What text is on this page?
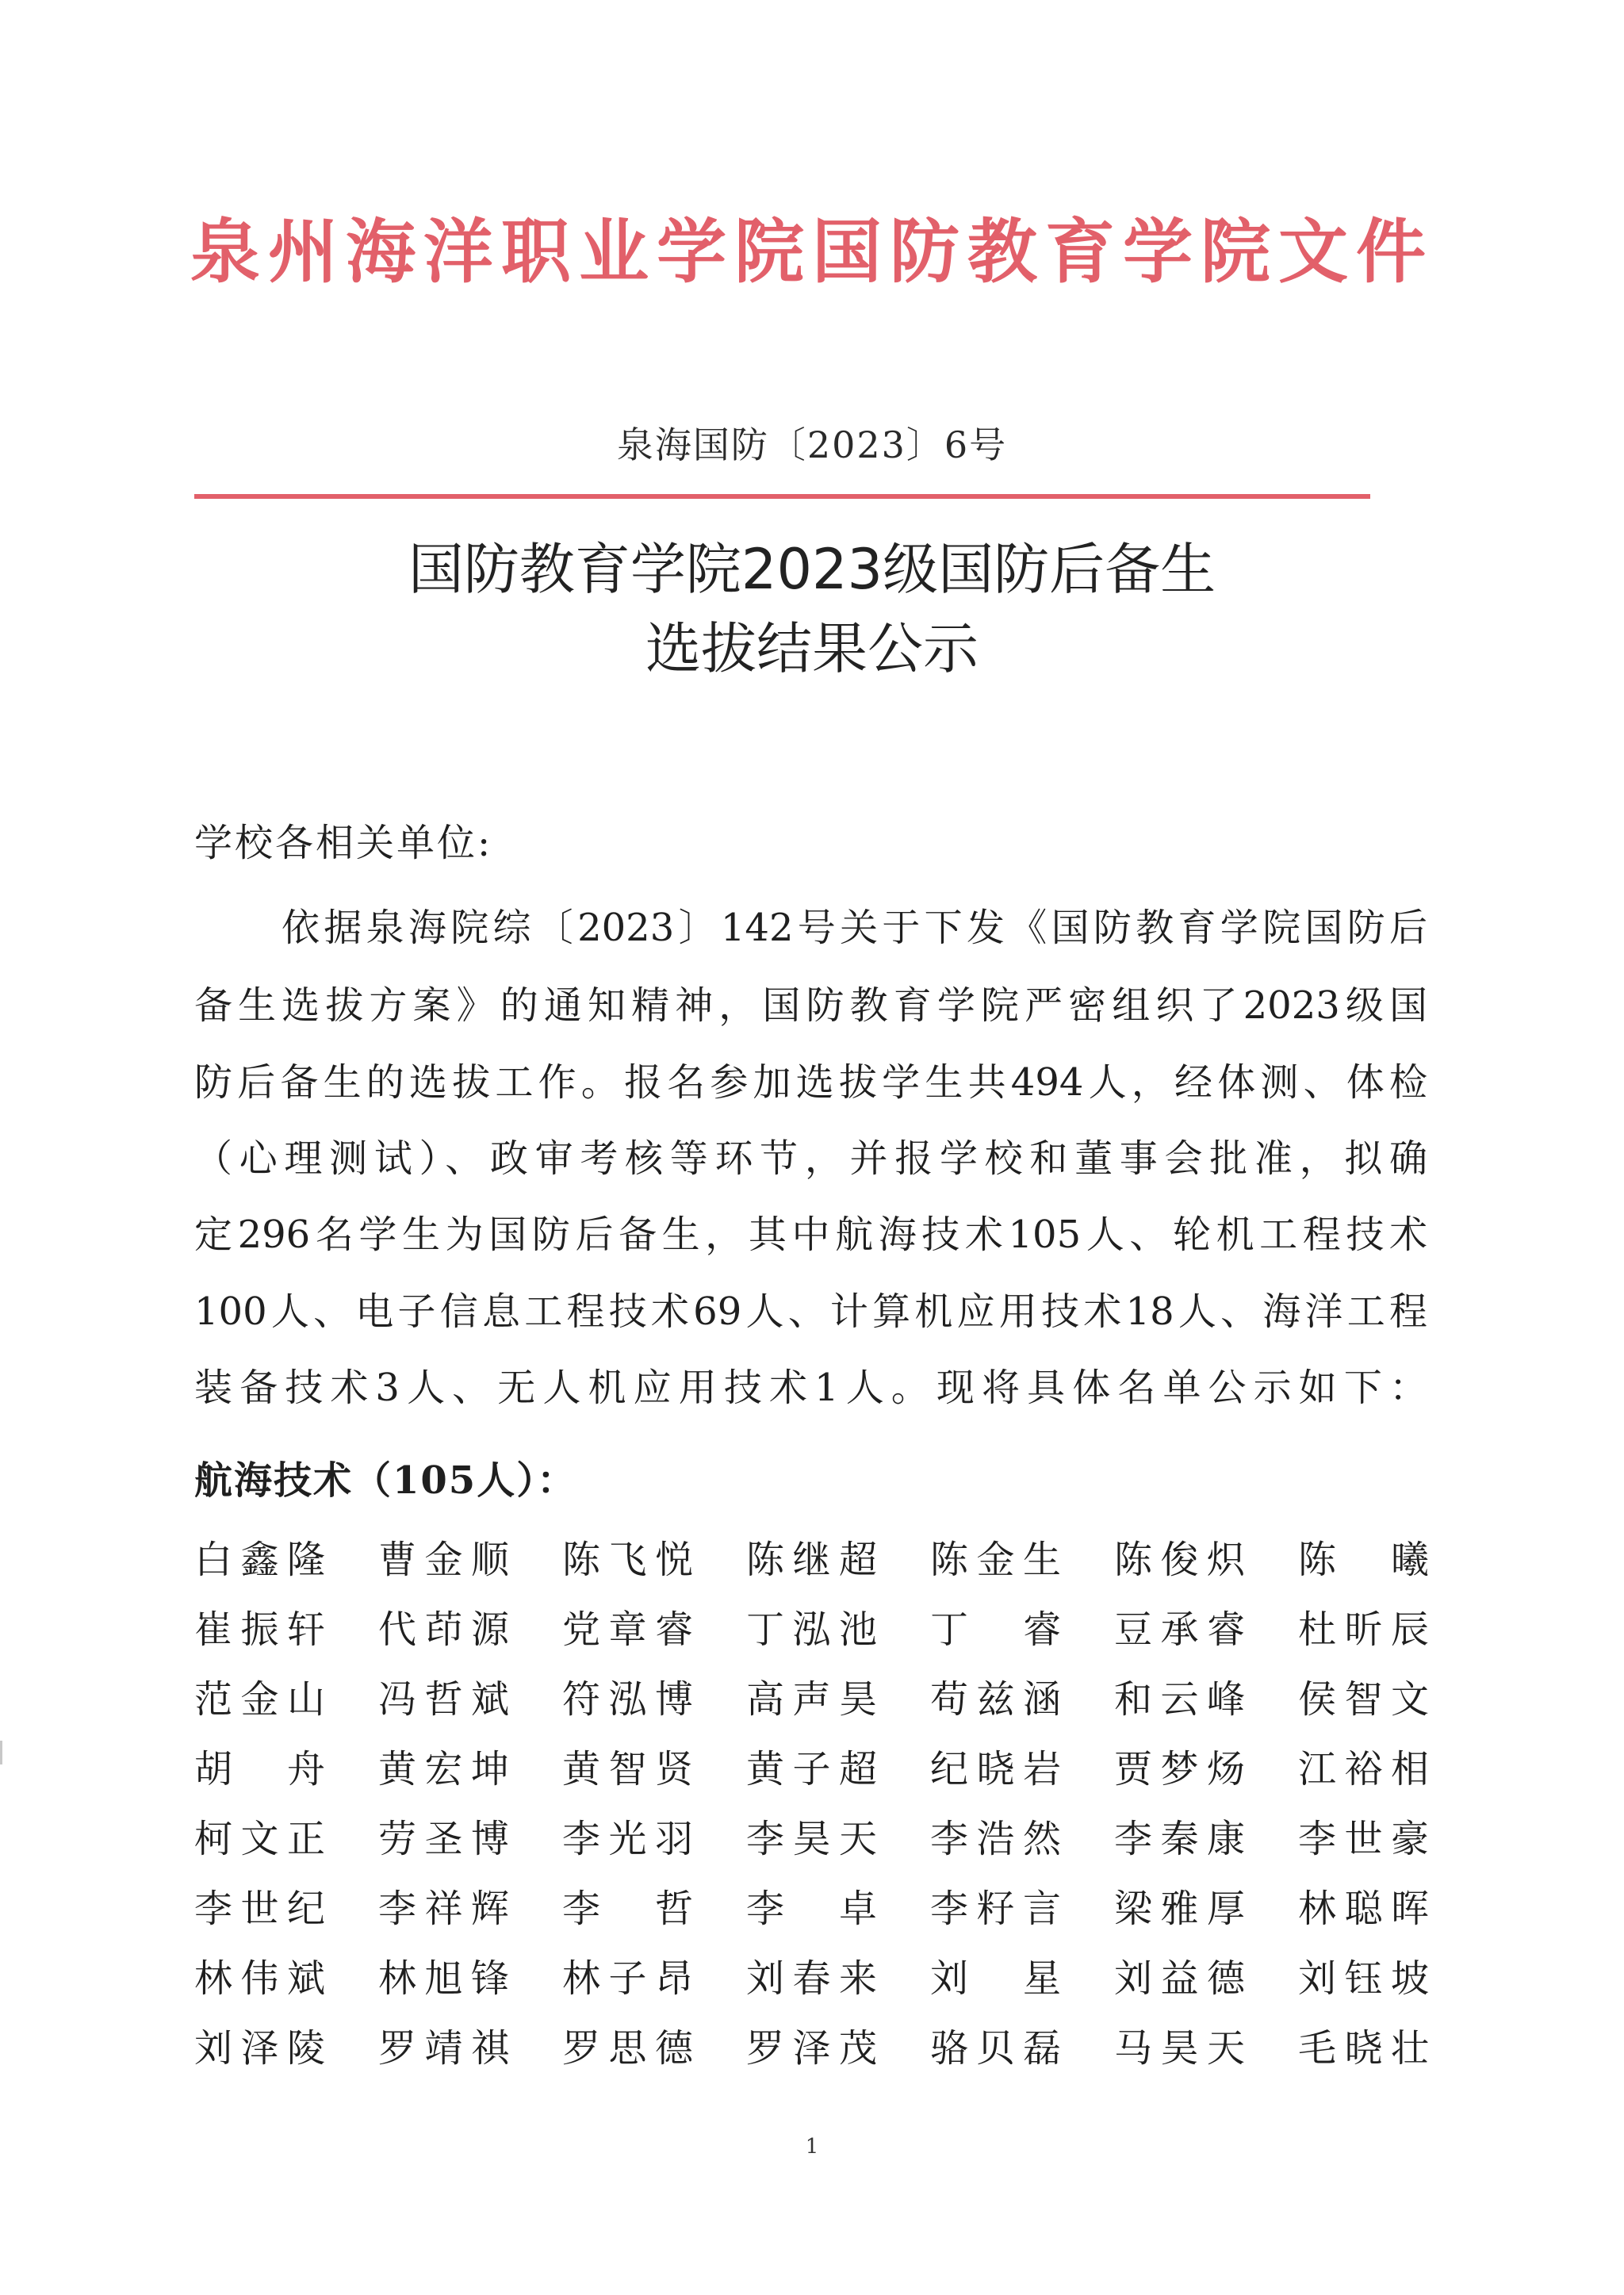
泉州海洋职业学院国防教育学院文件
泉海国防〔2023〕6号
国防教育学院2023级国防后备生
选拔结果公示
学校各相关单位:
依据泉海院综〔2023〕142号关于下发《国防教育学院国防后
备生选拔方案》的通知精神，国防教育学院严密组织了2023级国
防后备生的选拔工作。报名参加选拔学生共494人，经体测、体检
（心理测试）、政审考核等环节，并报学校和董事会批准，拟确
定296名学生为国防后备生，其中航海技术105人、轮机工程技术
100人、电子信息工程技术69人、计算机应用技术18人、海洋工程
装备技术3人、无人机应用技术1人。现将具体名单公示如下：
航海技术（105人）：
白鑫隆 曹金顺 陈飞悦 陈继超 陈金生 陈俊炽 陈　曦
崔振轩 代茚源 党章睿 丁泓池 丁　睿 豆承睿 杜昕辰
范金山 冯哲斌 符泓博 高声昊 苟兹涵 和云峰 侯智文
胡　舟 黄宏坤 黄智贤 黄子超 纪晓岩 贾梦炀 江裕相
柯文正 劳圣博 李光羽 李昊天 李浩然 李秦康 李世豪
李世纪 李祥辉 李　哲 李　卓 李籽言 梁雅厚 林聪晖
林伟斌 林旭锋 林子昂 刘春来 刘　星 刘益德 刘钰坡
刘泽陵 罗靖祺 罗思德 罗泽茂 骆贝磊 马昊天 毛晓壮
1
